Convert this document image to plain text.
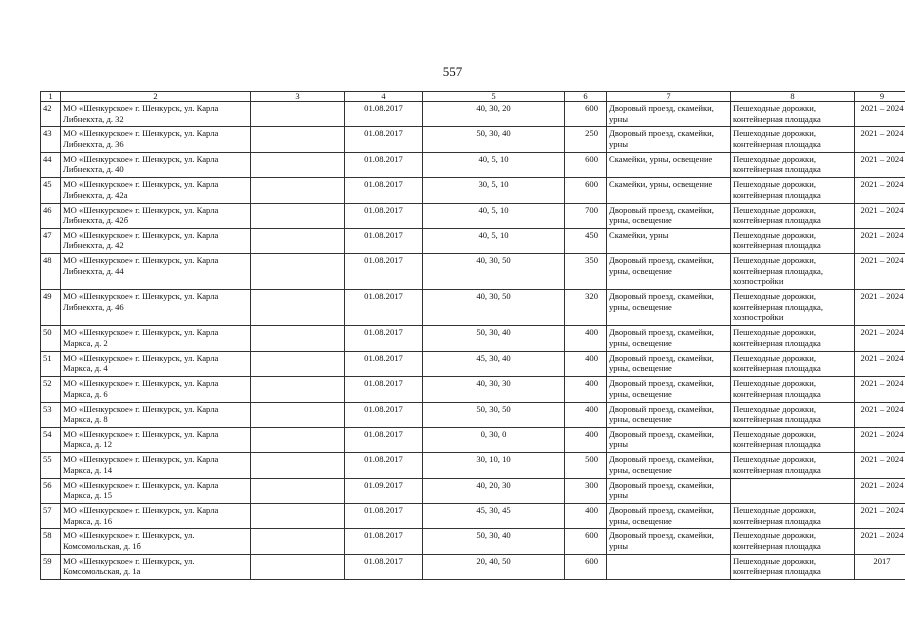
557
1	2	3	4	5	6	7	8	9
42	МО «Шенкурское» г. Шенкурск, ул. Карла Либнекхта, д. 32		01.08.2017	40, 30, 20	600	Дворовый проезд, скамейки, урны	Пешеходные дорожки, контейнерная площадка	2021 – 2024
43	МО «Шенкурское» г. Шенкурск, ул. Карла Либнекхта, д. 36		01.08.2017	50, 30, 40	250	Дворовый проезд, скамейки, урны	Пешеходные дорожки, контейнерная площадка	2021 – 2024
44	МО «Шенкурское» г. Шенкурск, ул. Карла Либнекхта, д. 40		01.08.2017	40, 5, 10	600	Скамейки, урны, освещение	Пешеходные дорожки, контейнерная площадка	2021 – 2024
45	МО «Шенкурское» г. Шенкурск, ул. Карла Либнекхта, д. 42а		01.08.2017	30, 5, 10	600	Скамейки, урны, освещение	Пешеходные дорожки, контейнерная площадка	2021 – 2024
46	МО «Шенкурское» г. Шенкурск, ул. Карла Либнекхта, д. 42б		01.08.2017	40, 5, 10	700	Дворовый проезд, скамейки, урны, освещение	Пешеходные дорожки, контейнерная площадка	2021 – 2024
47	МО «Шенкурское» г. Шенкурск, ул. Карла Либнекхта, д. 42		01.08.2017	40, 5, 10	450	Скамейки, урны	Пешеходные дорожки, контейнерная площадка	2021 – 2024
48	МО «Шенкурское» г. Шенкурск, ул. Карла Либнекхта, д. 44		01.08.2017	40, 30, 50	350	Дворовый проезд, скамейки, урны, освещение	Пешеходные дорожки, контейнерная площадка, хозпостройки	2021 – 2024
49	МО «Шенкурское» г. Шенкурск, ул. Карла Либнекхта, д. 46		01.08.2017	40, 30, 50	320	Дворовый проезд, скамейки, урны, освещение	Пешеходные дорожки, контейнерная площадка, хозпостройки	2021 – 2024
50	МО «Шенкурское» г. Шенкурск, ул. Карла Маркса, д. 2		01.08.2017	50, 30, 40	400	Дворовый проезд, скамейки, урны, освещение	Пешеходные дорожки, контейнерная площадка	2021 – 2024
51	МО «Шенкурское» г. Шенкурск, ул. Карла Маркса, д. 4		01.08.2017	45, 30, 40	400	Дворовый проезд, скамейки, урны, освещение	Пешеходные дорожки, контейнерная площадка	2021 – 2024
52	МО «Шенкурское» г. Шенкурск, ул. Карла Маркса, д. 6		01.08.2017	40, 30, 30	400	Дворовый проезд, скамейки, урны, освещение	Пешеходные дорожки, контейнерная площадка	2021 – 2024
53	МО «Шенкурское» г. Шенкурск, ул. Карла Маркса, д. 8		01.08.2017	50, 30, 50	400	Дворовый проезд, скамейки, урны, освещение	Пешеходные дорожки, контейнерная площадка	2021 – 2024
54	МО «Шенкурское» г. Шенкурск, ул. Карла Маркса, д. 12		01.08.2017	0, 30, 0	400	Дворовый проезд, скамейки, урны	Пешеходные дорожки, контейнерная площадка	2021 – 2024
55	МО «Шенкурское» г. Шенкурск, ул. Карла Маркса, д. 14		01.08.2017	30, 10, 10	500	Дворовый проезд, скамейки, урны, освещение	Пешеходные дорожки, контейнерная площадка	2021 – 2024
56	МО «Шенкурское» г. Шенкурск, ул. Карла Маркса, д. 15		01.09.2017	40, 20, 30	300	Дворовый проезд, скамейки, урны		2021 – 2024
57	МО «Шенкурское» г. Шенкурск, ул. Карла Маркса, д. 16		01.08.2017	45, 30, 45	400	Дворовый проезд, скамейки, урны, освещение	Пешеходные дорожки, контейнерная площадка	2021 – 2024
58	МО «Шенкурское» г. Шенкурск, ул. Комсомольская, д. 1б		01.08.2017	50, 30, 40	600	Дворовый проезд, скамейки, урны	Пешеходные дорожки, контейнерная площадка	2021 – 2024
59	МО «Шенкурское» г. Шенкурск, ул. Комсомольская, д. 1а		01.08.2017	20, 40, 50	600		Пешеходные дорожки, контейнерная площадка	2017
